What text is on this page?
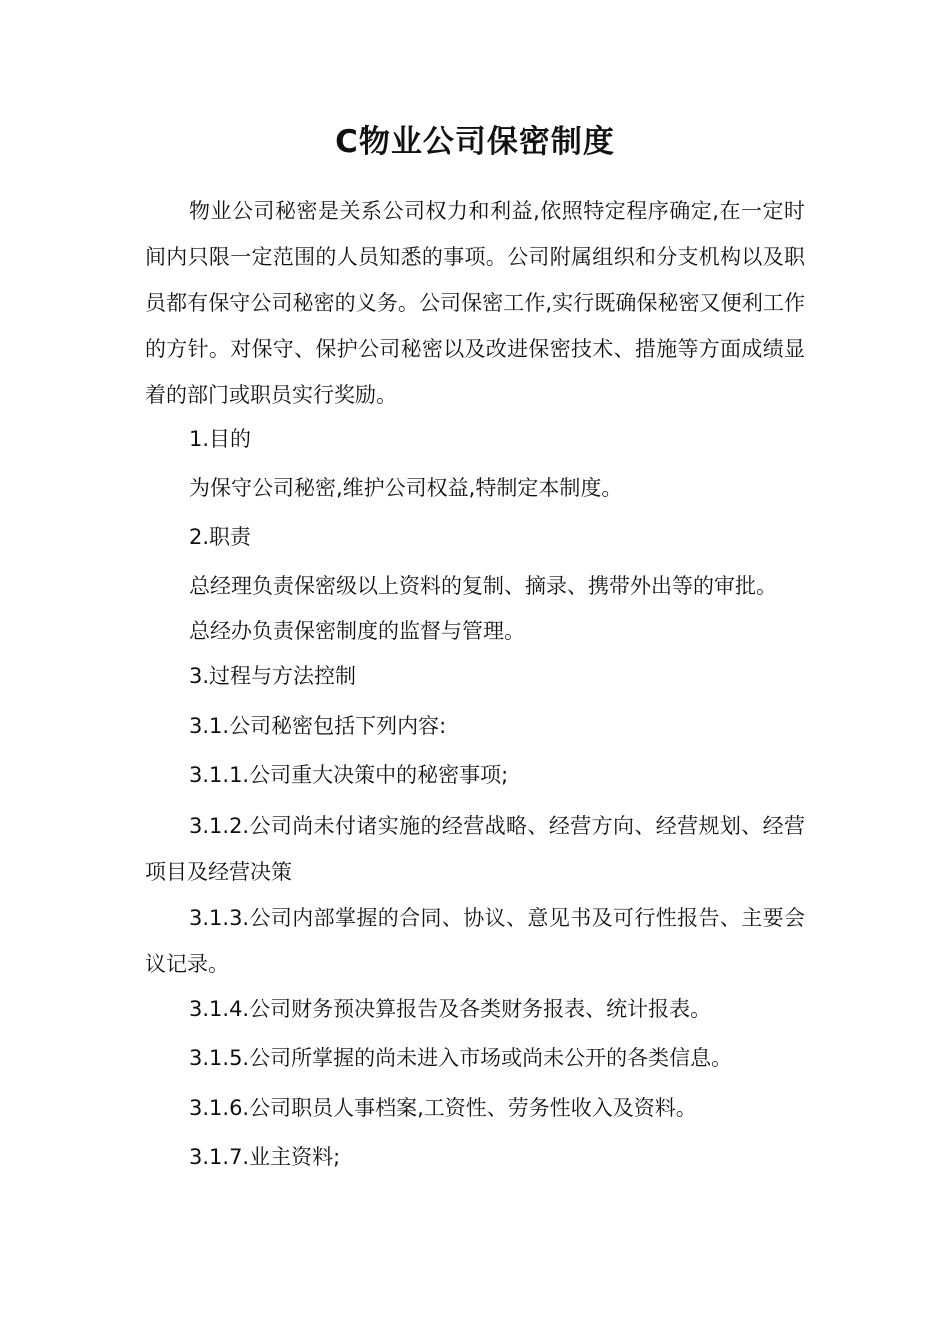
C物业公司保密制度

物业公司秘密是关系公司权力和利益,依照特定程序确定,在一定时间内只限一定范围的人员知悉的事项。公司附属组织和分支机构以及职员都有保守公司秘密的义务。公司保密工作,实行既确保秘密又便利工作的方针。对保守、保护公司秘密以及改进保密技术、措施等方面成绩显着的部门或职员实行奖励。

1.目的
为保守公司秘密,维护公司权益,特制定本制度。
2.职责
总经理负责保密级以上资料的复制、摘录、携带外出等的审批。
总经办负责保密制度的监督与管理。
3.过程与方法控制
3.1.公司秘密包括下列内容:
3.1.1.公司重大决策中的秘密事项;

3.1.2.公司尚未付诸实施的经营战略、经营方向、经营规划、经营项目及经营决策

3.1.3.公司内部掌握的合同、协议、意见书及可行性报告、主要会议记录。

3.1.4.公司财务预决算报告及各类财务报表、统计报表。
3.1.5.公司所掌握的尚未进入市场或尚未公开的各类信息。
3.1.6.公司职员人事档案,工资性、劳务性收入及资料。
3.1.7.业主资料;
